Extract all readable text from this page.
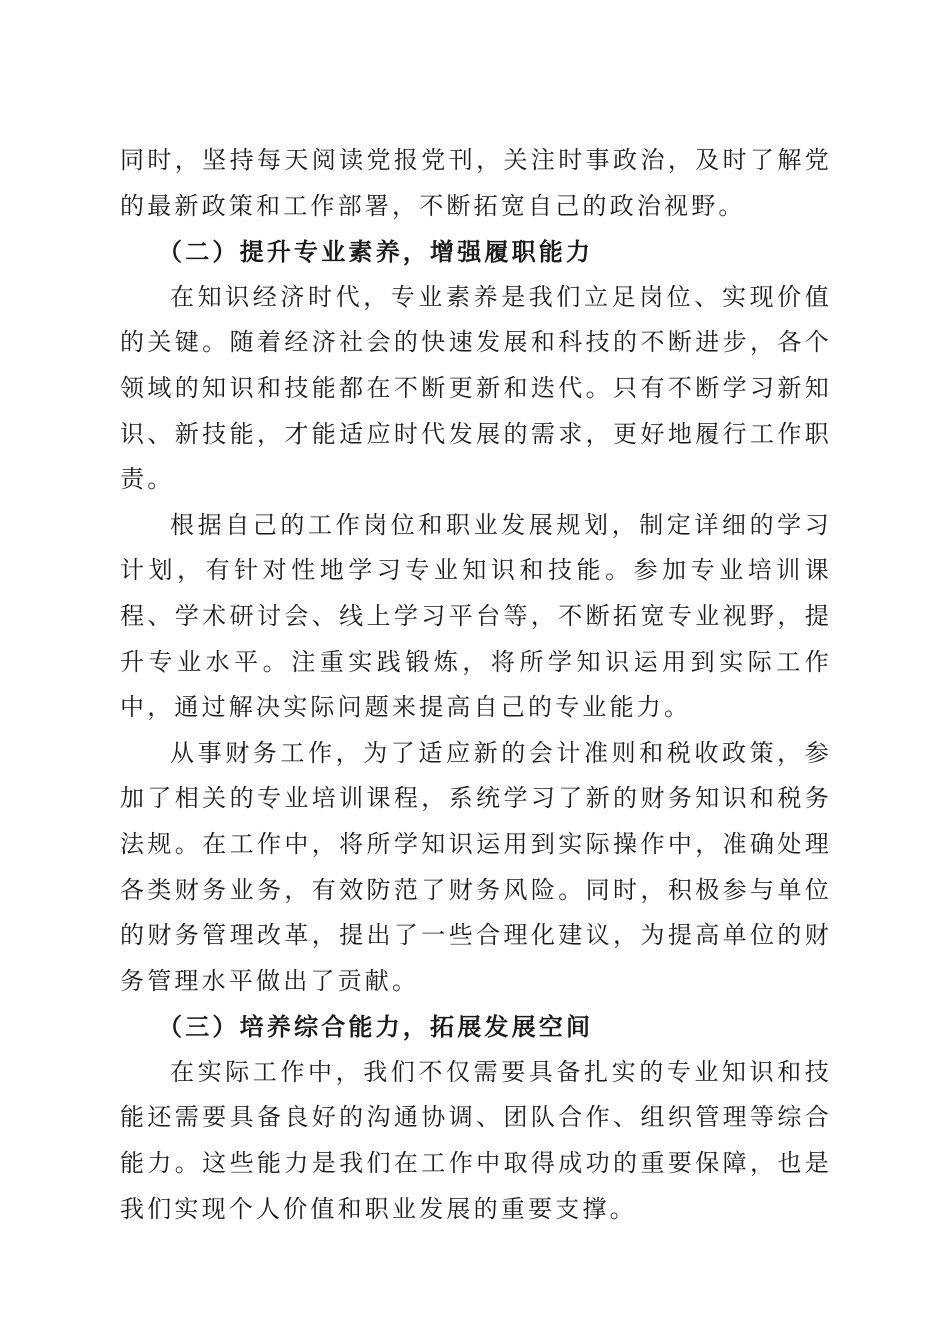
同时，坚持每天阅读党报党刊，关注时事政治，及时了解党的最新政策和工作部署，不断拓宽自己的政治视野。

（二）提升专业素养，增强履职能力

在知识经济时代，专业素养是我们立足岗位、实现价值的关键。随着经济社会的快速发展和科技的不断进步，各个领域的知识和技能都在不断更新和迭代。只有不断学习新知识、新技能，才能适应时代发展的需求，更好地履行工作职责。

根据自己的工作岗位和职业发展规划，制定详细的学习计划，有针对性地学习专业知识和技能。参加专业培训课程、学术研讨会、线上学习平台等，不断拓宽专业视野，提升专业水平。注重实践锻炼，将所学知识运用到实际工作中，通过解决实际问题来提高自己的专业能力。

从事财务工作，为了适应新的会计准则和税收政策，参加了相关的专业培训课程，系统学习了新的财务知识和税务法规。在工作中，将所学知识运用到实际操作中，准确处理各类财务业务，有效防范了财务风险。同时，积极参与单位的财务管理改革，提出了一些合理化建议，为提高单位的财务管理水平做出了贡献。

（三）培养综合能力，拓展发展空间

在实际工作中，我们不仅需要具备扎实的专业知识和技能还需要具备良好的沟通协调、团队合作、组织管理等综合能力。这些能力是我们在工作中取得成功的重要保障，也是我们实现个人价值和职业发展的重要支撑。
